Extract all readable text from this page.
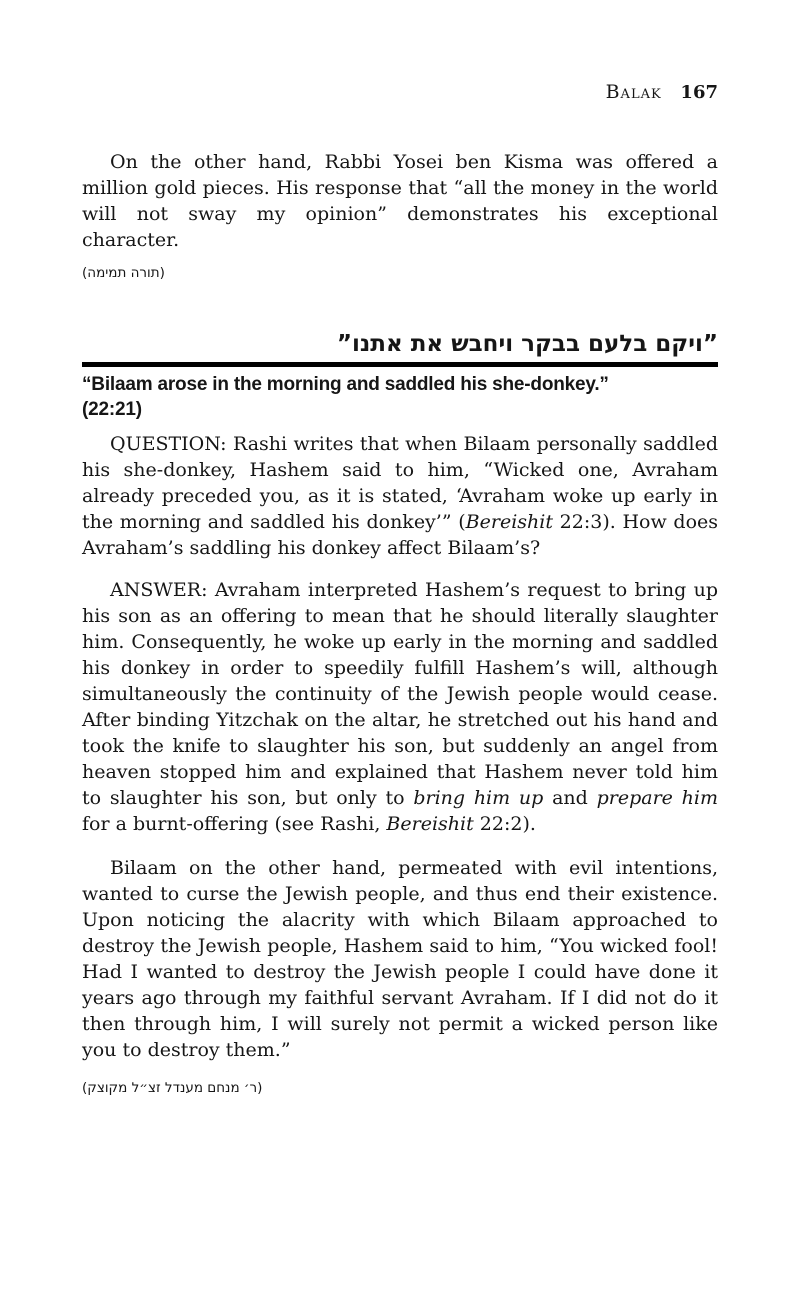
Balak 167

On the other hand, Rabbi Yosei ben Kisma was offered a million gold pieces. His response that “all the money in the world will not sway my opinion” demonstrates his exceptional character.

(תורה תמימה)
”ויקם בלעם בבקר ויחבש את אתנו”
“Bilaam arose in the morning and saddled his she-donkey.”
(22:21)

QUESTION: Rashi writes that when Bilaam personally saddled his she-donkey, Hashem said to him, “Wicked one, Avraham already preceded you, as it is stated, ‘Avraham woke up early in the morning and saddled his donkey’” (Bereishit 22:3). How does Avraham’s saddling his donkey affect Bilaam’s?

ANSWER: Avraham interpreted Hashem’s request to bring up his son as an offering to mean that he should literally slaughter him. Consequently, he woke up early in the morning and saddled his donkey in order to speedily fulfill Hashem’s will, although simultaneously the continuity of the Jewish people would cease. After binding Yitzchak on the altar, he stretched out his hand and took the knife to slaughter his son, but suddenly an angel from heaven stopped him and explained that Hashem never told him to slaughter his son, but only to bring him up and prepare him for a burnt-offering (see Rashi, Bereishit 22:2).

Bilaam on the other hand, permeated with evil intentions, wanted to curse the Jewish people, and thus end their existence. Upon noticing the alacrity with which Bilaam approached to destroy the Jewish people, Hashem said to him, “You wicked fool! Had I wanted to destroy the Jewish people I could have done it years ago through my faithful servant Avraham. If I did not do it then through him, I will surely not permit a wicked person like you to destroy them.”

(ר׳ מנחם מענדל זצ״ל מקוצק)
